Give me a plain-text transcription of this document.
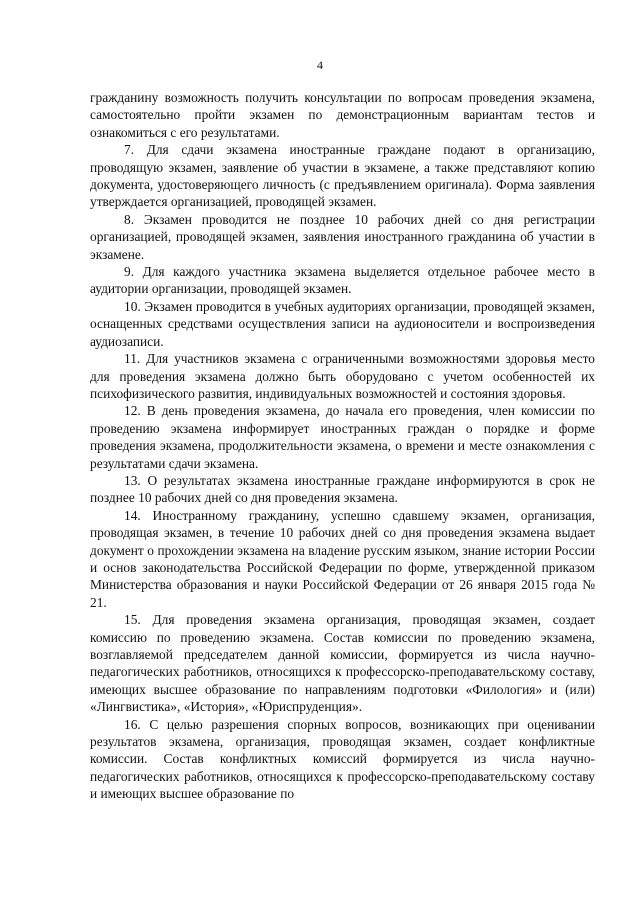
4

гражданину возможность получить консультации по вопросам проведения экзамена, самостоятельно пройти экзамен по демонстрационным вариантам тестов и ознакомиться с его результатами.

7. Для сдачи экзамена иностранные граждане подают в организацию, проводящую экзамен, заявление об участии в экзамене, а также представляют копию документа, удостоверяющего личность (с предъявлением оригинала). Форма заявления утверждается организацией, проводящей экзамен.

8. Экзамен проводится не позднее 10 рабочих дней со дня регистрации организацией, проводящей экзамен, заявления иностранного гражданина об участии в экзамене.

9. Для каждого участника экзамена выделяется отдельное рабочее место в аудитории организации, проводящей экзамен.

10. Экзамен проводится в учебных аудиториях организации, проводящей экзамен, оснащенных средствами осуществления записи на аудионосители и воспроизведения аудиозаписи.

11. Для участников экзамена с ограниченными возможностями здоровья место для проведения экзамена должно быть оборудовано с учетом особенностей их психофизического развития, индивидуальных возможностей и состояния здоровья.

12. В день проведения экзамена, до начала его проведения, член комиссии по проведению экзамена информирует иностранных граждан о порядке и форме проведения экзамена, продолжительности экзамена, о времени и месте ознакомления с результатами сдачи экзамена.

13. О результатах экзамена иностранные граждане информируются в срок не позднее 10 рабочих дней со дня проведения экзамена.

14. Иностранному гражданину, успешно сдавшему экзамен, организация, проводящая экзамен, в течение 10 рабочих дней со дня проведения экзамена выдает документ о прохождении экзамена на владение русским языком, знание истории России и основ законодательства Российской Федерации по форме, утвержденной приказом Министерства образования и науки Российской Федерации от 26 января 2015 года № 21.

15. Для проведения экзамена организация, проводящая экзамен, создает комиссию по проведению экзамена. Состав комиссии по проведению экзамена, возглавляемой председателем данной комиссии, формируется из числа научно-педагогических работников, относящихся к профессорско-преподавательскому составу, имеющих высшее образование по направлениям подготовки «Филология» и (или) «Лингвистика», «История», «Юриспруденция».

16. С целью разрешения спорных вопросов, возникающих при оценивании результатов экзамена, организация, проводящая экзамен, создает конфликтные комиссии. Состав конфликтных комиссий формируется из числа научно-педагогических работников, относящихся к профессорско-преподавательскому составу и имеющих высшее образование по
